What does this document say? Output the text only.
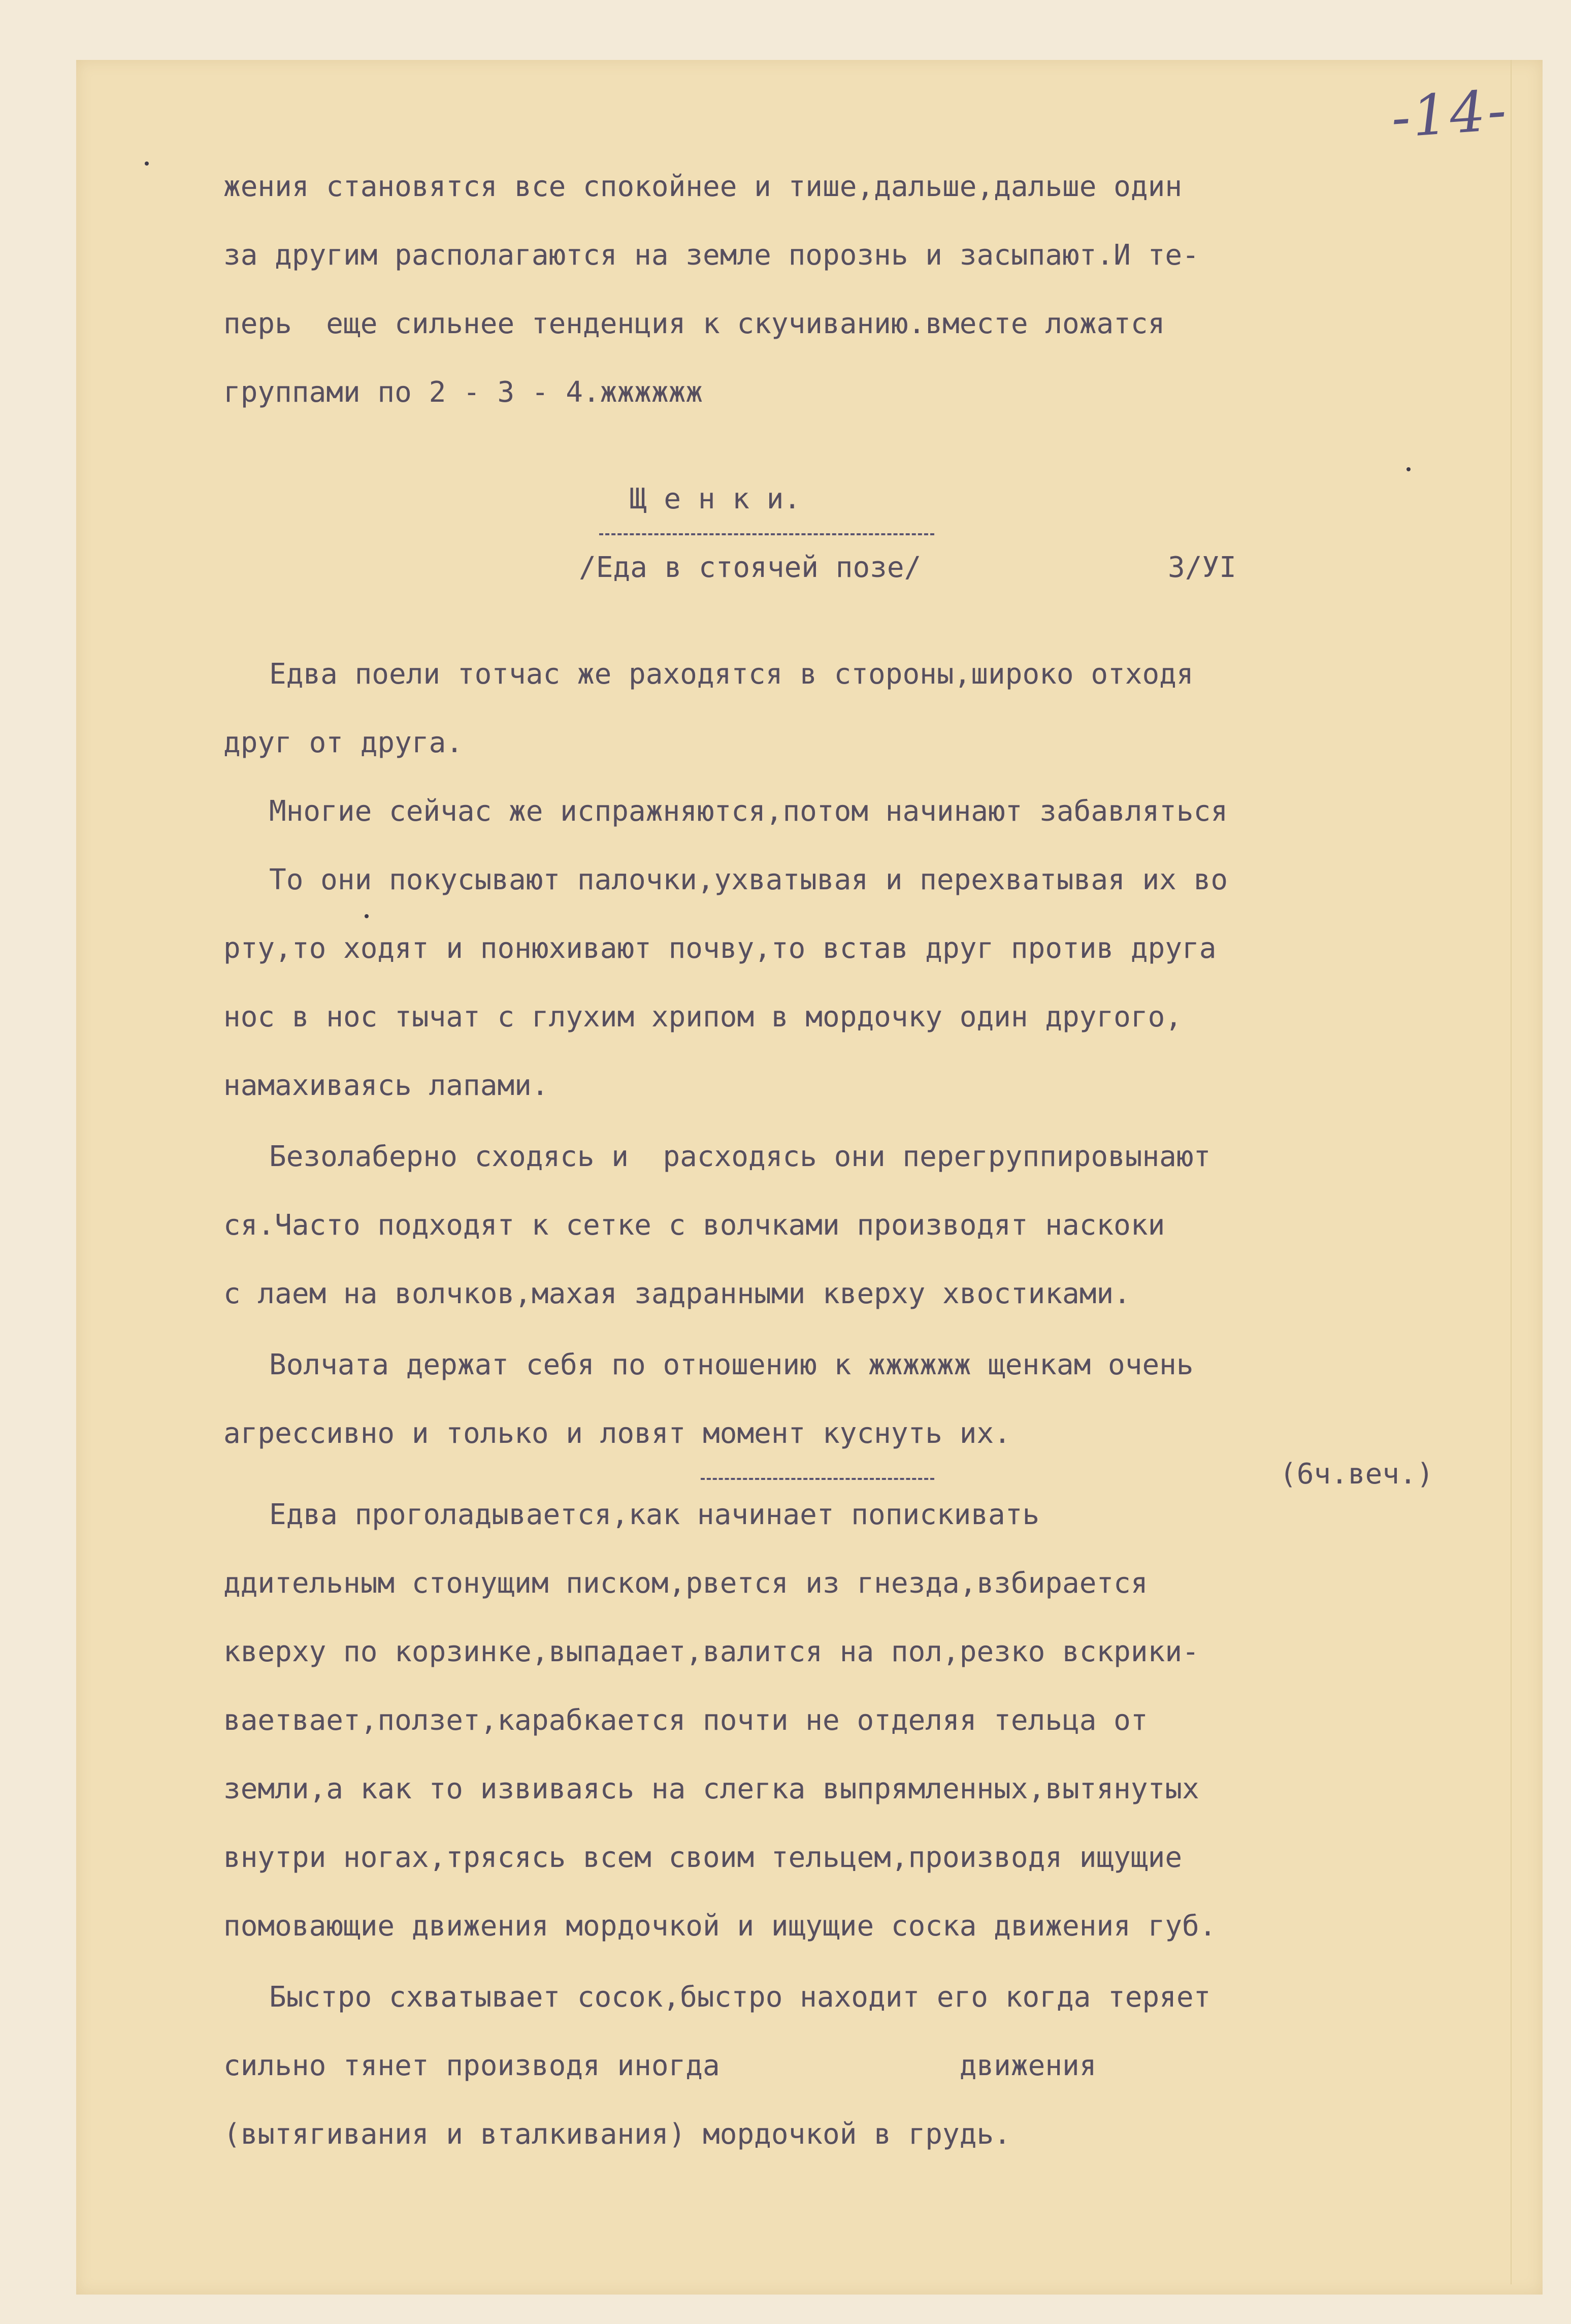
-14-
жения становятся все спокойнее и тише,дальше,дальше один
за другим располагаются на земле порознь и засыпают.И те-
перь  еще сильнее тенденция к скучиванию.вместе ложатся
группами по 2 - 3 - 4.жжжжжж
Щ е н к и.
/Еда в стоячей позе/	3/УI
Едва поели тотчас же раходятся в стороны,широко отходя
друг от друга.
Многие сейчас же испражняются,потом начинают забавляться
То они покусывают палочки,ухватывая и перехватывая их во
рту,то ходят и понюхивают почву,то встав друг против друга
нос в нос тычат с глухим хрипом в мордочку один другого,
намахиваясь лапами.
Безолаберно сходясь и  расходясь они перегруппировынают
ся.Часто подходят к сетке с волчками производят наскоки
с лаем на волчков,махая задранными кверху хвостиками.
Волчата держат себя по отношению к жжжжжж щенкам очень
агрессивно и только и ловят момент куснуть их.
(6ч.веч.)
Едва проголадывается,как начинает попискивать
ддительным стонущим писком,рвется из гнезда,взбирается
кверху по корзинке,выпадает,валится на пол,резко вскрики-
ваетвает,ползет,карабкается почти не отделяя тельца от
земли,а как то извиваясь на слегка выпрямленных,вытянутых
внутри ногах,трясясь всем своим тельцем,производя ищущие
помовающие движения мордочкой и ищущие соска движения губ.
Быстро схватывает сосок,быстро находит его когда теряет
сильно тянет производя иногда              движения
(вытягивания и вталкивания) мордочкой в грудь.
